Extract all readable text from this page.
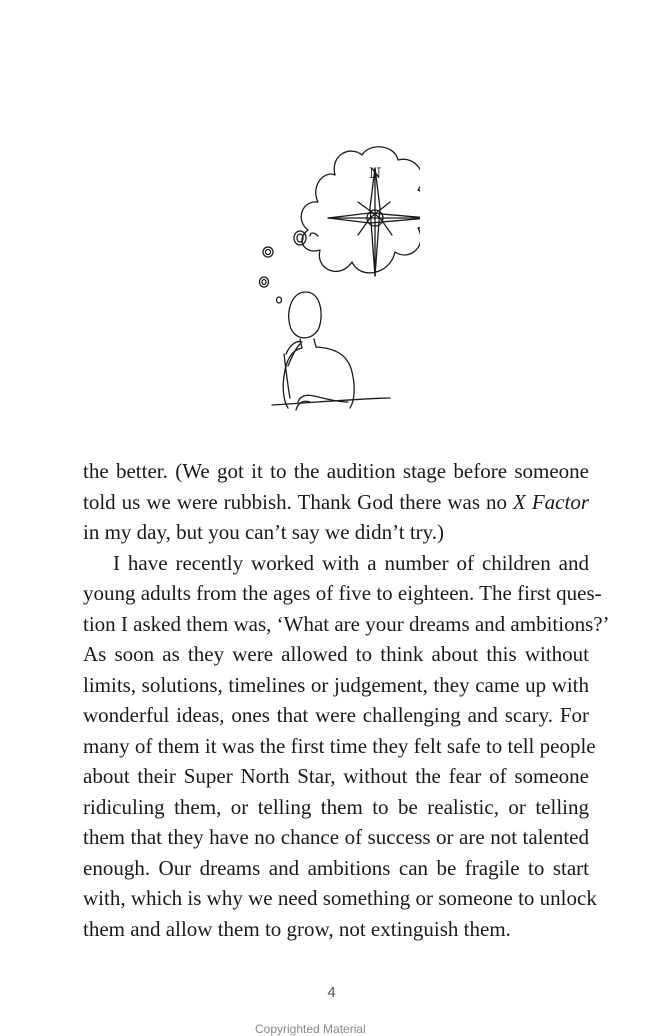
N
the better. (We got it to the audition stage before someone
told us we were rubbish. Thank God there was no X Factor
in my day, but you can’t say we didn’t try.)
I have recently worked with a number of children and
young adults from the ages of five to eighteen. The first ques-
tion I asked them was, ‘What are your dreams and ambitions?’
As soon as they were allowed to think about this without
limits, solutions, timelines or judgement, they came up with
wonderful ideas, ones that were challenging and scary. For
many of them it was the first time they felt safe to tell people
about their Super North Star, without the fear of someone
ridiculing them, or telling them to be realistic, or telling
them that they have no chance of success or are not talented
enough. Our dreams and ambitions can be fragile to start
with, which is why we need something or someone to unlock
them and allow them to grow, not extinguish them.
4
Copyrighted Material
